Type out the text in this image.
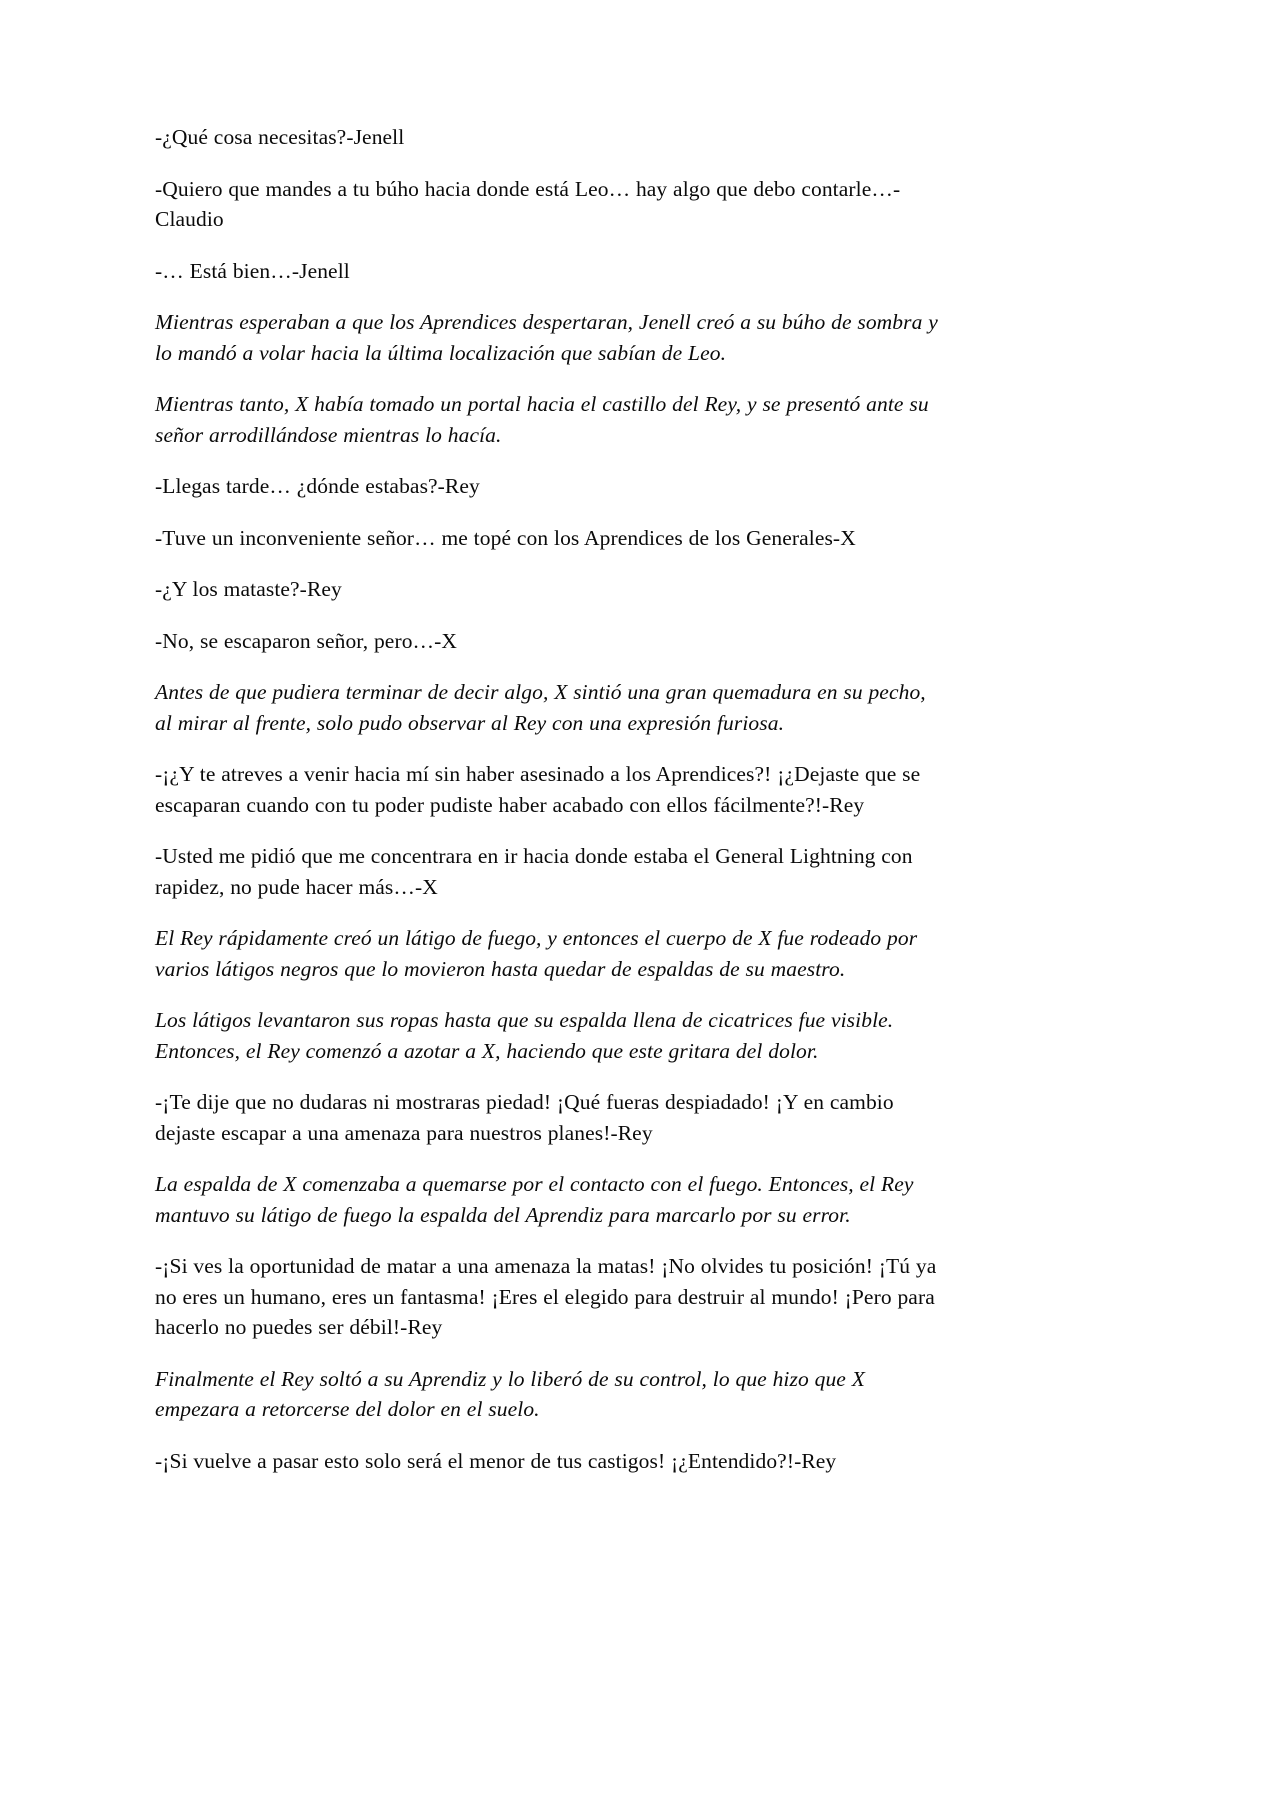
-¿Qué cosa necesitas?-Jenell

-Quiero que mandes a tu búho hacia donde está Leo… hay algo que debo contarle…-Claudio

-… Está bien…-Jenell

Mientras esperaban a que los Aprendices despertaran, Jenell creó a su búho de sombra y lo mandó a volar hacia la última localización que sabían de Leo.

Mientras tanto, X había tomado un portal hacia el castillo del Rey, y se presentó ante su señor arrodillándose mientras lo hacía.

-Llegas tarde… ¿dónde estabas?-Rey

-Tuve un inconveniente señor… me topé con los Aprendices de los Generales-X

-¿Y los mataste?-Rey

-No, se escaparon señor, pero…-X

Antes de que pudiera terminar de decir algo, X sintió una gran quemadura en su pecho, al mirar al frente, solo pudo observar al Rey con una expresión furiosa.

-¡¿Y te atreves a venir hacia mí sin haber asesinado a los Aprendices?! ¡¿Dejaste que se escaparan cuando con tu poder pudiste haber acabado con ellos fácilmente?!-Rey

-Usted me pidió que me concentrara en ir hacia donde estaba el General Lightning con rapidez, no pude hacer más…-X

El Rey rápidamente creó un látigo de fuego, y entonces el cuerpo de X fue rodeado por varios látigos negros que lo movieron hasta quedar de espaldas de su maestro.

Los látigos levantaron sus ropas hasta que su espalda llena de cicatrices fue visible. Entonces, el Rey comenzó a azotar a X, haciendo que este gritara del dolor.

-¡Te dije que no dudaras ni mostraras piedad! ¡Qué fueras despiadado! ¡Y en cambio dejaste escapar a una amenaza para nuestros planes!-Rey

La espalda de X comenzaba a quemarse por el contacto con el fuego. Entonces, el Rey mantuvo su látigo de fuego la espalda del Aprendiz para marcarlo por su error.

-¡Si ves la oportunidad de matar a una amenaza la matas! ¡No olvides tu posición! ¡Tú ya no eres un humano, eres un fantasma! ¡Eres el elegido para destruir al mundo! ¡Pero para hacerlo no puedes ser débil!-Rey

Finalmente el Rey soltó a su Aprendiz y lo liberó de su control, lo que hizo que X empezara a retorcerse del dolor en el suelo.

-¡Si vuelve a pasar esto solo será el menor de tus castigos! ¡¿Entendido?!-Rey
